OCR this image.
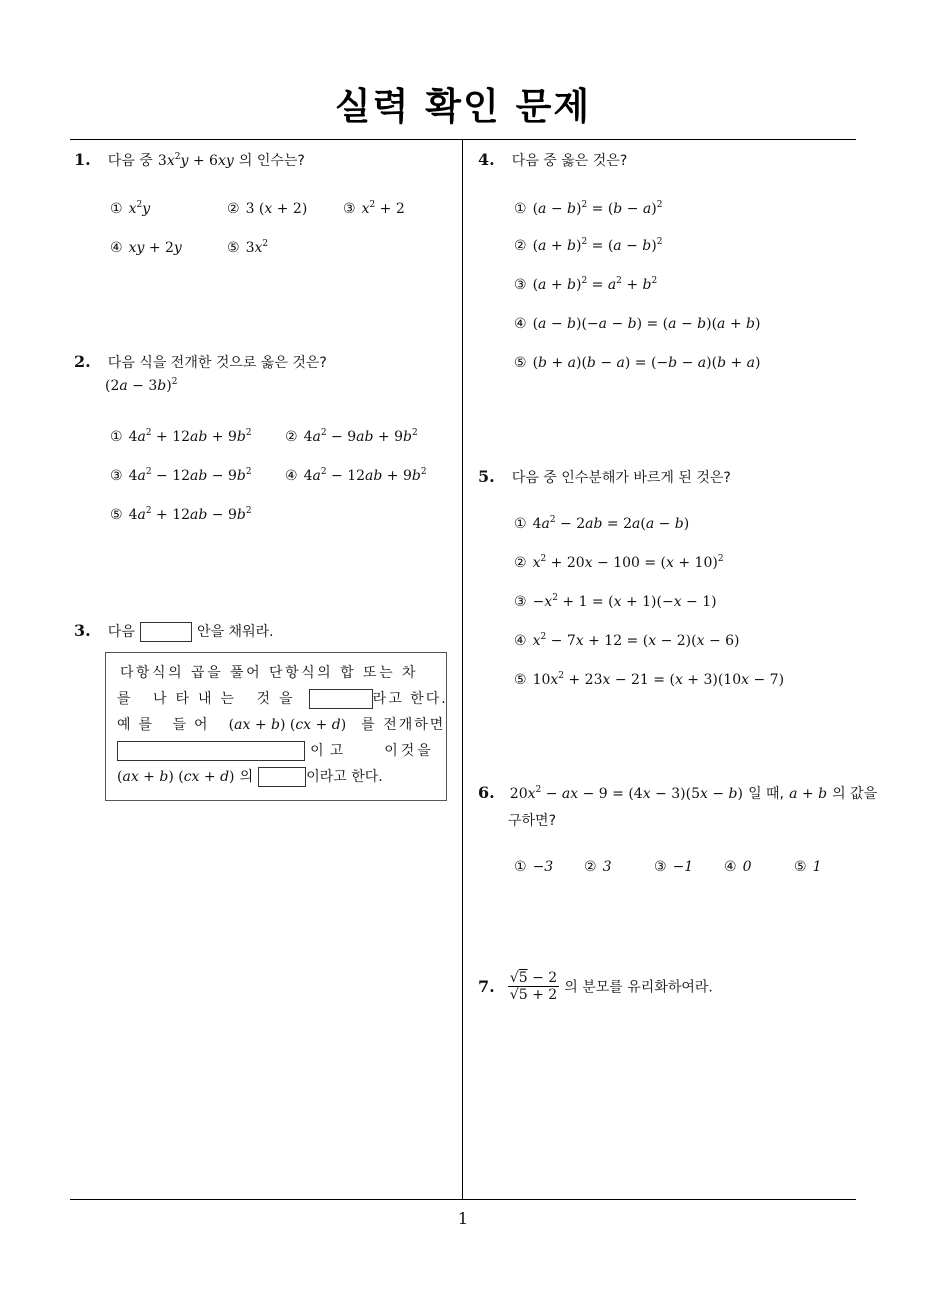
실력 확인 문제
1. 다음 중 $3x^2y + 6xy$ 의 인수는?
① $x^2y$	② 3 (x + 2)	③ $x^2 + 2$
④ xy + 2y	⑤ $3x^2$
2. 다음 식을 전개한 것으로 옳은 것은?
$(2a - 3b)^2$
① $4a^2 + 12ab + 9b^2$ ② $4a^2 - 9ab + 9b^2$
③ $4a^2 - 12ab - 9b^2$ ④ $4a^2 - 12ab + 9b^2$
⑤ $4a^2 + 12ab - 9b^2$
3. 다음	안을 채워라.
다항식의 곱을 풀어 단항식의 합 또는 차
를 나타내는 것을	라고 한다.
예를 들어 (ax + b) (cx + d) 를 전개하면
이고	이것을
(ax + b) (cx + d) 의	이라고 한다.
4. 다음 중 옳은 것은?
① $(a - b)^2 = (b - a)^2$
② $(a + b)^2 = (a - b)^2$
③ $(a + b)^2 = a^2 + b^2$
④ (a − b)(−a − b) = (a − b)(a + b)
⑤ (b + a)(b − a) = (−b − a)(b + a)
5. 다음 중 인수분해가 바르게 된 것은?
① $4a^2 - 2ab = 2a(a - b)$
② $x^2 + 20x - 100 = (x + 10)^2$
③ $-x^2 + 1 = (x + 1)(-x - 1)$
④ $x^2 - 7x + 12 = (x - 2)(x - 6)$
⑤ $10x^2 + 23x - 21 = (x + 3)(10x - 7)$
6. $20x^2$ − ax − 9 = (4x − 3)(5x − b) 일 때, a + b 의 값을
구하면?
① −3 ② 3	③ −1 ④ 0	⑤ 1
7. $\frac{√5 - 2}{√5 + 2}$ 의 분모를 유리화하여라.
1
